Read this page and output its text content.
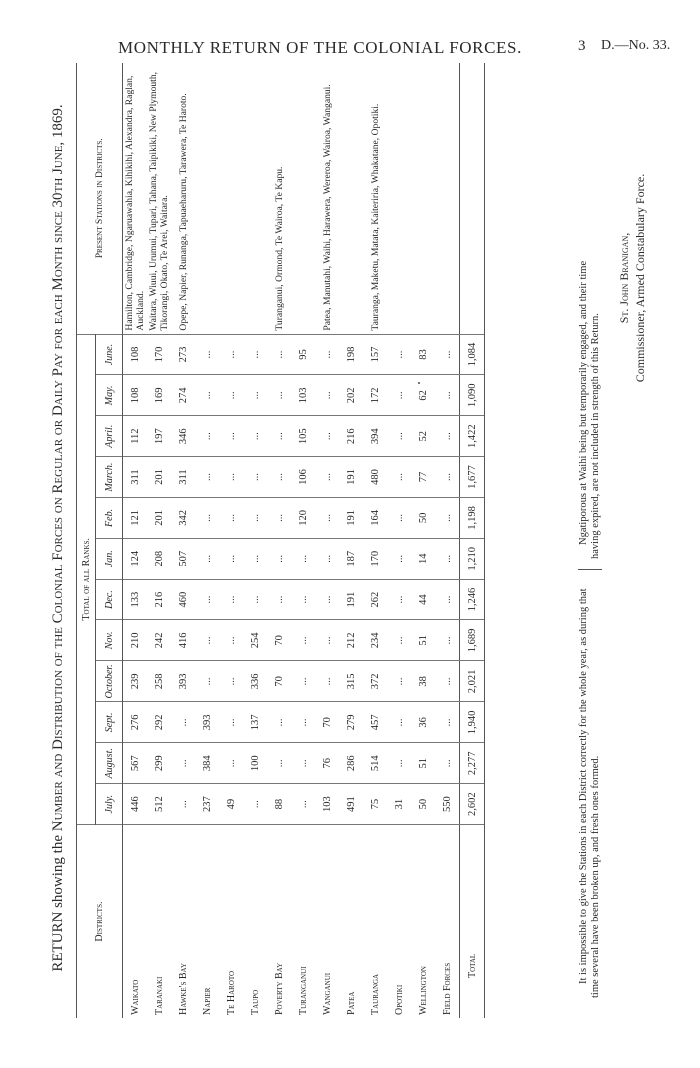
MONTHLY RETURN OF THE COLONIAL FORCES.	3 D.—No. 33.
RETURN showing the Number and Distribution of the Colonial Forces on Regular or Daily Pay for each Month since 30th June, 1869.
Districts.	Total of all Ranks.												Present Stations in Districts.
	July.	August.	Sept.	October.	Nov.	Dec.	Jan.	Feb.	March.	April.	May.	June.	
Waikato	446	567	276	239	210	133	124	121	311	112	108	108	Hamilton, Cambridge, Ngaruawahia, Kihikihi, Alexandra, Raglan, Auckland.
Taranaki	512	299	292	258	242	216	208	201	201	197	169	170	Waitara, Wiuui, Urumui, Tupari, Tahana, Taipikiki, New Plymouth, Tikorangi, Okato, Te Arei, Waitara.
Hawke's Bay	...	...	...	393	416	460	507	342	311	346	274	273	Opepe, Napier, Runanga, Tapuaeharuru, Tarawera, Te Haroto.
Napier	237	384	393	...	...	...	...	...	...	...	...	...	
Te Haroto	49	...	...	...	...	...	...	...	...	...	...	...	
Taupo	...	100	137	336	254	...	...	...	...	...	...	...	
Poverty Bay	88	...	...	70	70	...	...	...	...	...	...	...	Turanganui, Ormond, Te Wairoa, Te Kapu.
Turanganui	...	...	...	...	...	...	...	120	106	105	103	95	
Wanganui	103	76	70	...	...	...	...	...	...	...	...	...	Patea, Manutahi, Waihi, Harawera, Wereroa, Wairoa, Wanganui.
Patea	491	286	279	315	212	191	187	191	191	216	202	198	
Tauranga	75	514	457	372	234	262	170	164	480	394	172	157	Tauranga, Maketu, Matata, Kaiteriria, Whakatane, Opotiki.
Opotiki	31	...	...	...	...	...	...	...	...	...	...	...	
Wellington	50	51	36	38	51	44	14	50	77	52	62	83	
Field Forces	550	...	...	...	...	...	...	...	...	...	...	...	
Total	2,602	2,277	1,940	2,021	1,689	1,246	1,210	1,198	1,677	1,422	1,090	1,084	
It is impossible to give the Stations in each District correctly for the whole year, as during that time several have been broken up, and fresh ones formed.
Ngatiporous at Waihi being but temporarily engaged, and their time having expired, are not included in strength of this Return.
St. John Branigan, Commissioner, Armed Constabulary Force.
